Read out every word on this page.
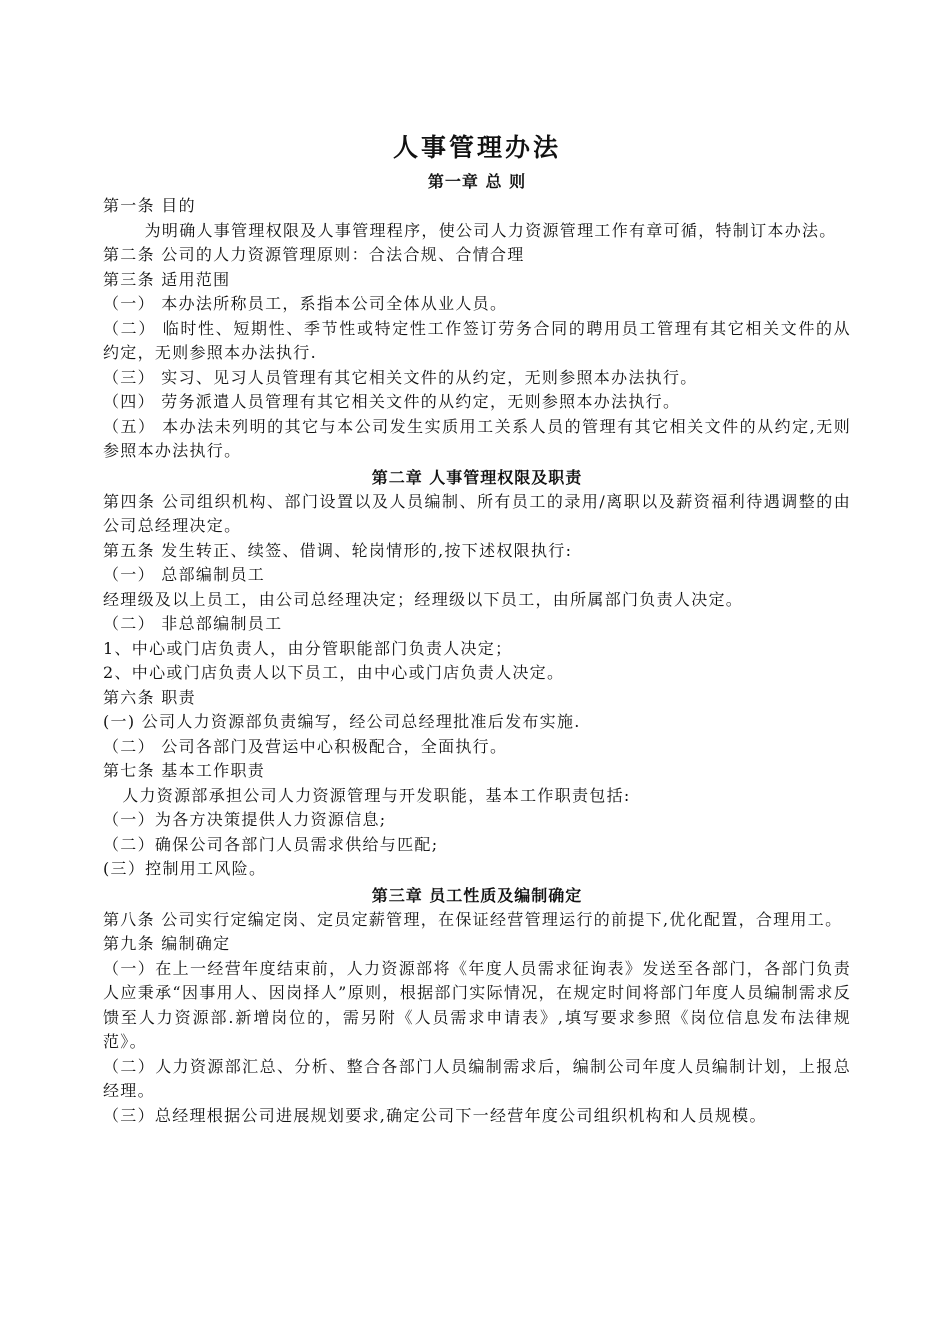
人事管理办法
第一章 总 则

第一条 目的

为明确人事管理权限及人事管理程序，使公司人力资源管理工作有章可循，特制订本办法。

第二条 公司的人力资源管理原则：合法合规、合情合理

第三条 适用范围

（一） 本办法所称员工，系指本公司全体从业人员。

（二） 临时性、短期性、季节性或特定性工作签订劳务合同的聘用员工管理有其它相关文件的从约定，无则参照本办法执行.

（三） 实习、见习人员管理有其它相关文件的从约定，无则参照本办法执行。

（四） 劳务派遣人员管理有其它相关文件的从约定，无则参照本办法执行。

（五） 本办法未列明的其它与本公司发生实质用工关系人员的管理有其它相关文件的从约定,无则参照本办法执行。

第二章 人事管理权限及职责

第四条 公司组织机构、部门设置以及人员编制、所有员工的录用/离职以及薪资福利待遇调整的由公司总经理决定。

第五条 发生转正、续签、借调、轮岗情形的,按下述权限执行:

（一） 总部编制员工

经理级及以上员工，由公司总经理决定；经理级以下员工，由所属部门负责人决定。

（二） 非总部编制员工

1、中心或门店负责人，由分管职能部门负责人决定；

2、中心或门店负责人以下员工，由中心或门店负责人决定。

第六条 职责

(一) 公司人力资源部负责编写，经公司总经理批准后发布实施.

（二） 公司各部门及营运中心积极配合，全面执行。

第七条 基本工作职责

人力资源部承担公司人力资源管理与开发职能，基本工作职责包括:

（一）为各方决策提供人力资源信息;

（二）确保公司各部门人员需求供给与匹配;

(三）控制用工风险。

第三章 员工性质及编制确定

第八条 公司实行定编定岗、定员定薪管理，在保证经营管理运行的前提下,优化配置，合理用工。

第九条 编制确定

（一）在上一经营年度结束前，人力资源部将《年度人员需求征询表》发送至各部门，各部门负责人应秉承“因事用人、因岗择人”原则，根据部门实际情况，在规定时间将部门年度人员编制需求反馈至人力资源部.新增岗位的，需另附《人员需求申请表》,填写要求参照《岗位信息发布法律规范》。

（二）人力资源部汇总、分析、整合各部门人员编制需求后，编制公司年度人员编制计划，上报总经理。

（三）总经理根据公司进展规划要求,确定公司下一经营年度公司组织机构和人员规模。
